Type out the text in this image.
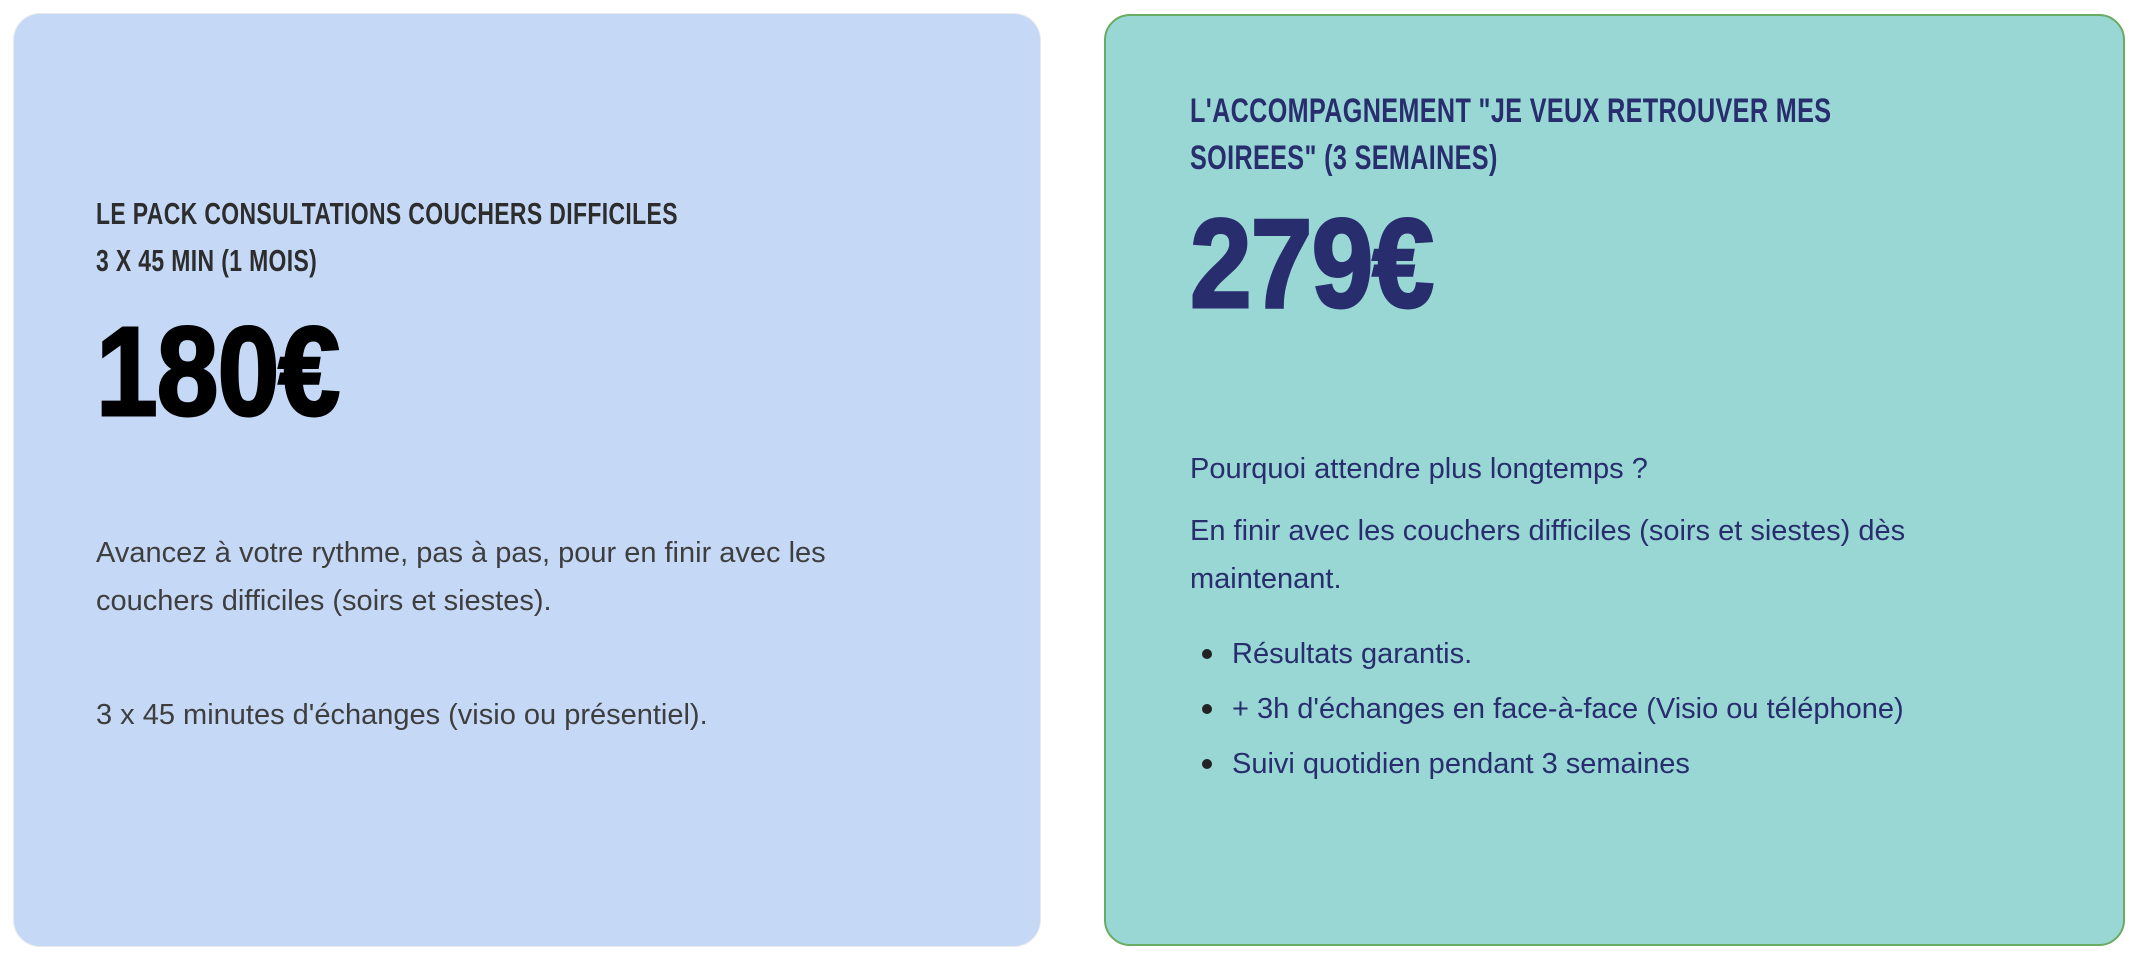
LE PACK CONSULTATIONS COUCHERS DIFFICILES
3 X 45 MIN (1 MOIS)
180€
Avancez à votre rythme, pas à pas, pour en finir avec les couchers difficiles (soirs et siestes).
3 x 45 minutes d'échanges (visio ou présentiel).
L'ACCOMPAGNEMENT "JE VEUX RETROUVER MES
SOIREES" (3 SEMAINES)
279€
Pourquoi attendre plus longtemps ?
En finir avec les couchers difficiles (soirs et siestes) dès maintenant.
Résultats garantis.
+ 3h d'échanges en face-à-face (Visio ou téléphone)
Suivi quotidien pendant 3 semaines
